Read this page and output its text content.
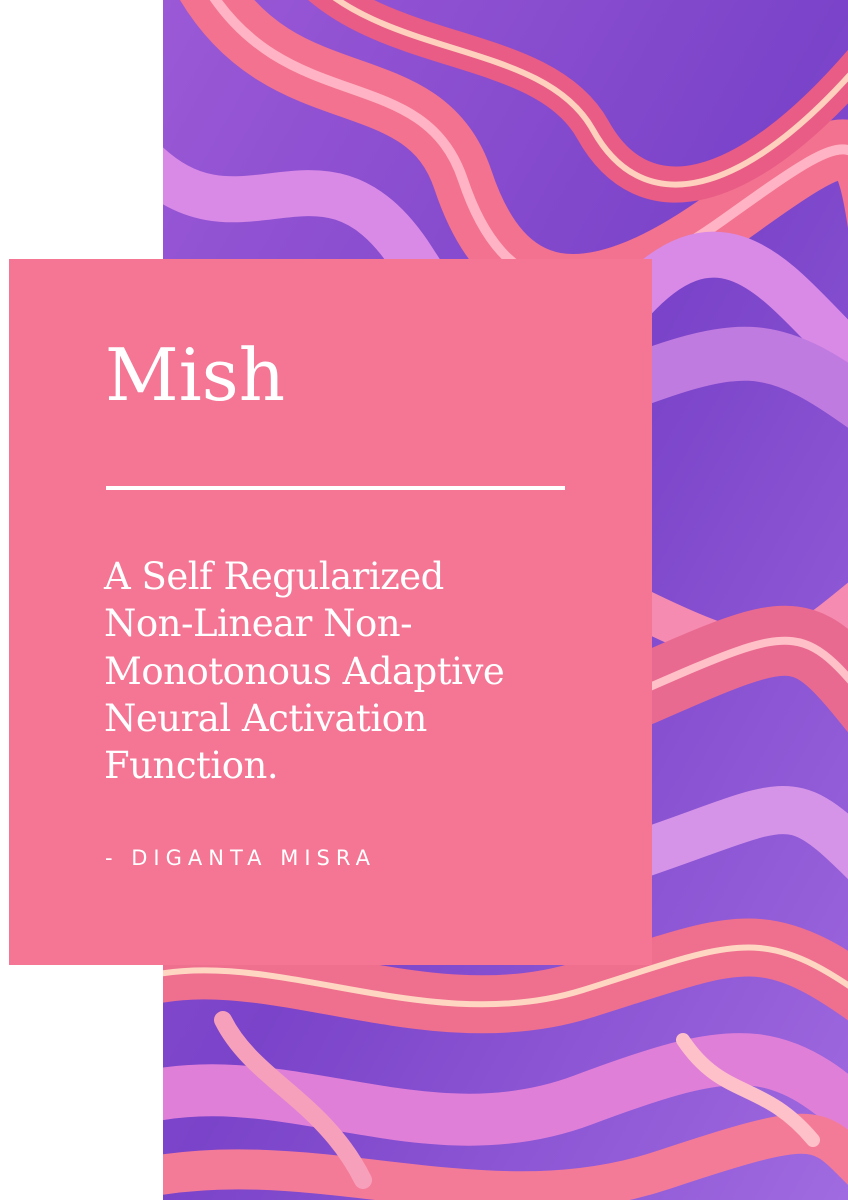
Mish

A Self Regularized
Non-Linear Non-
Monotonous Adaptive
Neural Activation
Function.

- DIGANTA MISRA
